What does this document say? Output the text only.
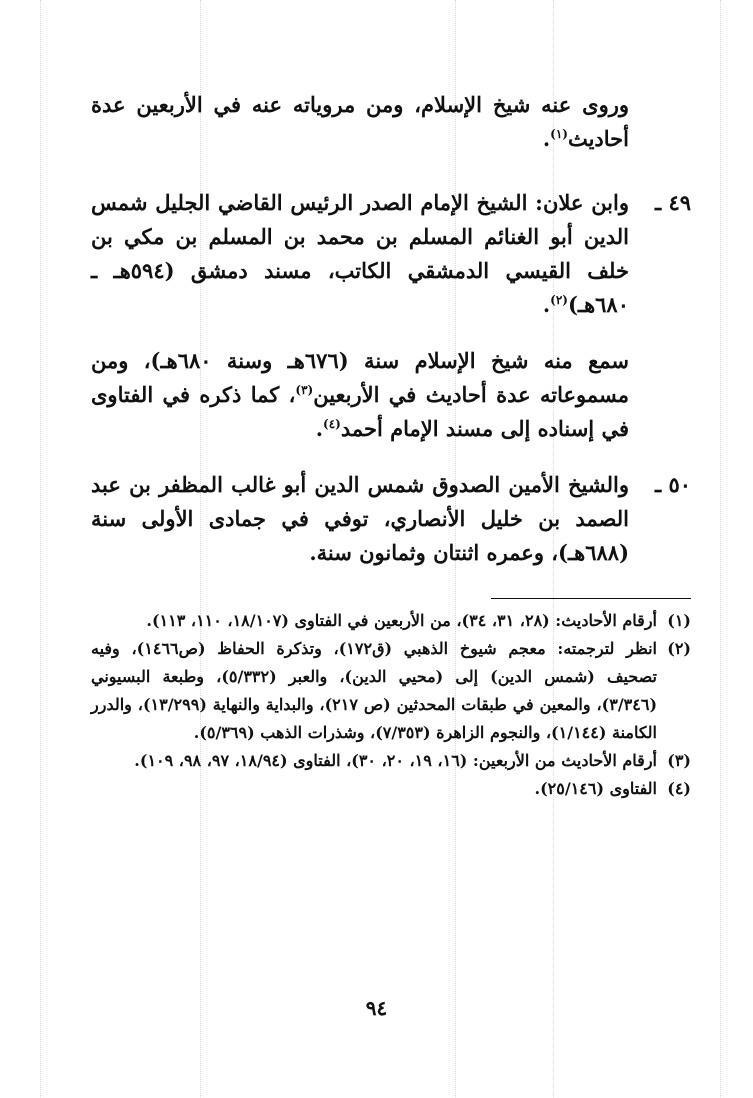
وروى عنه شيخ الإسلام، ومن مروياته عنه في الأربعين عدة أحاديث$^{(١)}$.

٤٩ ـ

وابن علان: الشيخ الإمام الصدر الرئيس القاضي الجليل شمس الدين أبو الغنائم المسلم بن محمد بن المسلم بن مكي بن خلف القيسي الدمشقي الكاتب، مسند دمشق (٥٩٤هـ ـ ٦٨٠هـ)$^{(٢)}$.

سمع منه شيخ الإسلام سنة (٦٧٦هـ وسنة ٦٨٠هـ)، ومن مسموعاته عدة أحاديث في الأربعين$^{(٣)}$، كما ذكره في الفتاوى في إسناده إلى مسند الإمام أحمد$^{(٤)}$.

٥٠ ـ

والشيخ الأمين الصدوق شمس الدين أبو غالب المظفر بن عبد الصمد بن خليل الأنصاري، توفي في جمادى الأولى سنة (٦٨٨هـ)، وعمره اثنتان وثمانون سنة.

(١)
أرقام الأحاديث: (٢٨، ٣١، ٣٤)، من الأربعين في الفتاوى (١٨/١٠٧، ١١٠، ١١٣).
(٢)
انظر لترجمته: معجم شيوخ الذهبي (ق١٧٢)، وتذكرة الحفاظ (ص١٤٦٦)، وفيه تصحيف (شمس الدين) إلى (محيي الدين)، والعبر (٥/٣٣٢)، وطبعة البسيوني (٣/٣٤٦)، والمعين في طبقات المحدثين (ص ٢١٧)، والبداية والنهاية (١٣/٢٩٩)، والدرر الكامنة (١/١٤٤)، والنجوم الزاهرة (٧/٣٥٣)، وشذرات الذهب (٥/٣٦٩).
(٣)
أرقام الأحاديث من الأربعين: (١٦، ١٩، ٢٠، ٣٠)، الفتاوى (١٨/٩٤، ٩٧، ٩٨، ١٠٩).
(٤)
الفتاوى (٢٥/١٤٦).
٩٤
